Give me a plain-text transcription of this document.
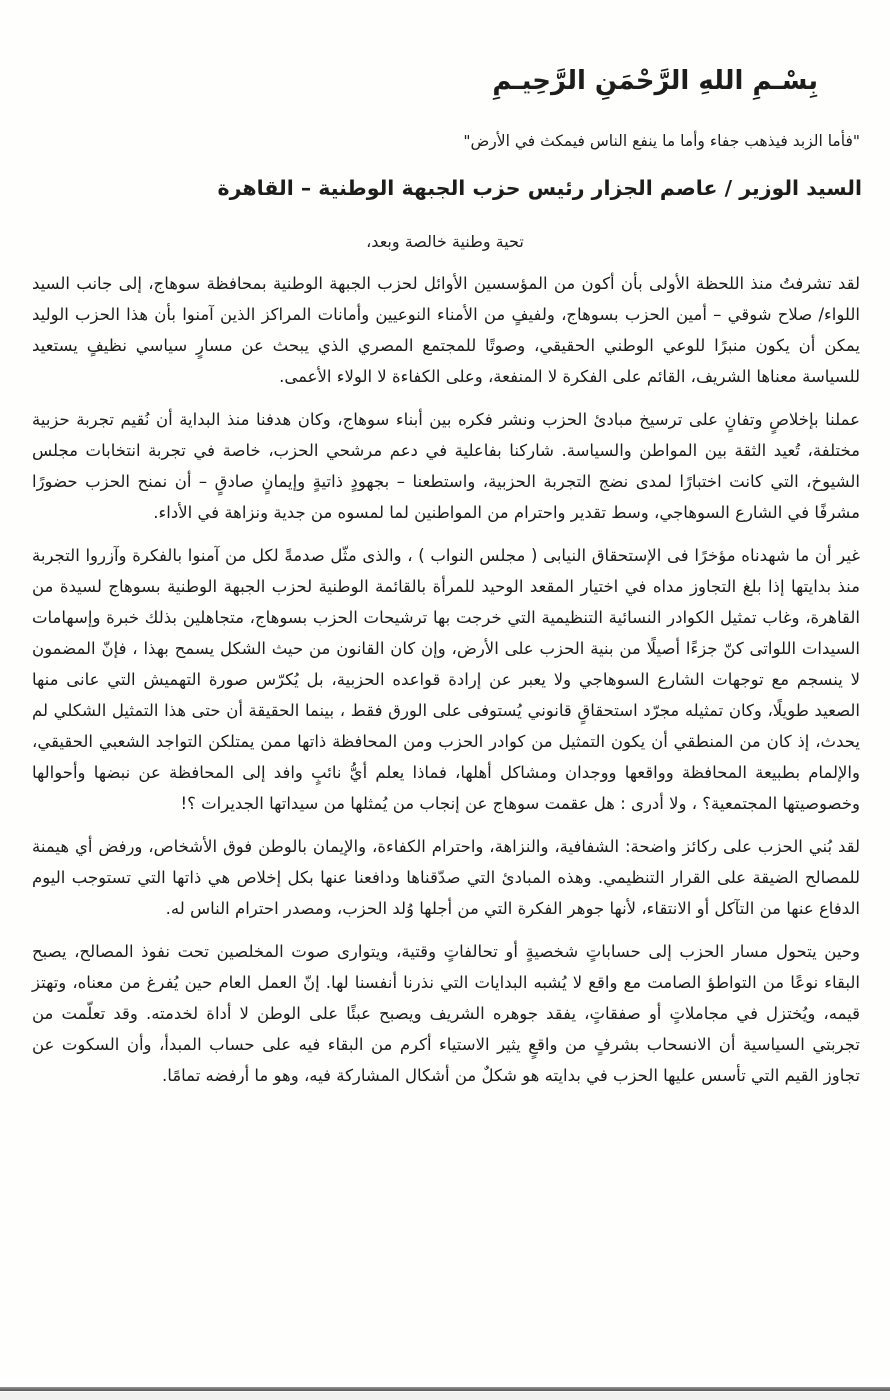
بِسْـمِ اللهِ الرَّحْمَنِ الرَّحِيـمِ
"فأما الزبد فيذهب جفاء وأما ما ينفع الناس فيمكث في الأرض"
السيد الوزير / عاصم الجزار رئيس حزب الجبهة الوطنية – القاهرة
تحية وطنية خالصة وبعد،

لقد تشرفتُ منذ اللحظة الأولى بأن أكون من المؤسسين الأوائل لحزب الجبهة الوطنية بمحافظة سوهاج، إلى جانب السيد اللواء/ صلاح شوقي – أمين الحزب بسوهاج، ولفيفٍ من الأمناء النوعيين وأمانات المراكز الذين آمنوا بأن هذا الحزب الوليد يمكن أن يكون منبرًا للوعي الوطني الحقيقي، وصوتًا للمجتمع المصري الذي يبحث عن مسارٍ سياسي نظيفٍ يستعيد للسياسة معناها الشريف، القائم على الفكرة لا المنفعة، وعلى الكفاءة لا الولاء الأعمى.

عملنا بإخلاصٍ وتفانٍ على ترسيخ مبادئ الحزب ونشر فكره بين أبناء سوهاج، وكان هدفنا منذ البداية أن نُقيم تجربة حزبية مختلفة، تُعيد الثقة بين المواطن والسياسة. شاركنا بفاعلية في دعم مرشحي الحزب، خاصة في تجربة انتخابات مجلس الشيوخ، التي كانت اختبارًا لمدى نضج التجربة الحزبية، واستطعنا – بجهودٍ ذاتيةٍ وإيمانٍ صادقٍ – أن نمنح الحزب حضورًا مشرفًا في الشارع السوهاجي، وسط تقدير واحترام من المواطنين لما لمسوه من جدية ونزاهة في الأداء.

غير أن ما شهدناه مؤخرًا فى الإستحقاق النيابى ( مجلس النواب ) ، والذى مثّل صدمةً لكل من آمنوا بالفكرة وآزروا التجربة منذ بدايتها إذا بلغ التجاوز مداه في اختيار المقعد الوحيد للمرأة بالقائمة الوطنية لحزب الجبهة الوطنية بسوهاج لسيدة من القاهرة، وغاب تمثيل الكوادر النسائية التنظيمية التي خرجت بها ترشيحات الحزب بسوهاج، متجاهلين بذلك خبرة وإسهامات السيدات اللواتى كنّ جزءًا أصيلًا من بنية الحزب على الأرض، وإن كان القانون من حيث الشكل يسمح بهذا ، فإنّ المضمون لا ينسجم مع توجهات الشارع السوهاجي ولا يعبر عن إرادة قواعده الحزبية، بل يُكرّس صورة التهميش التي عانى منها الصعيد طويلًا، وكان تمثيله مجرّد استحقاقٍ قانوني يُستوفى على الورق فقط ، بينما الحقيقة أن حتى هذا التمثيل الشكلي لم يحدث، إذ كان من المنطقي أن يكون التمثيل من كوادر الحزب ومن المحافظة ذاتها ممن يمتلكن التواجد الشعبي الحقيقي، والإلمام بطبيعة المحافظة وواقعها ووجدان ومشاكل أهلها، فماذا يعلم أيُّ نائبٍ وافد إلى المحافظة عن نبضها وأحوالها وخصوصيتها المجتمعية؟ ، ولا أدرى : هل عقمت سوهاج عن إنجاب من يُمثلها من سيداتها الجديرات ؟!

لقد بُني الحزب على ركائز واضحة: الشفافية، والنزاهة، واحترام الكفاءة، والإيمان بالوطن فوق الأشخاص، ورفض أي هيمنة للمصالح الضيقة على القرار التنظيمي. وهذه المبادئ التي صدّقناها ودافعنا عنها بكل إخلاص هي ذاتها التي تستوجب اليوم الدفاع عنها من التآكل أو الانتقاء، لأنها جوهر الفكرة التي من أجلها وُلد الحزب، ومصدر احترام الناس له.

وحين يتحول مسار الحزب إلى حساباتٍ شخصيةٍ أو تحالفاتٍ وقتية، ويتوارى صوت المخلصين تحت نفوذ المصالح، يصبح البقاء نوعًا من التواطؤ الصامت مع واقع لا يُشبه البدايات التي نذرنا أنفسنا لها. إنّ العمل العام حين يُفرغ من معناه، وتهتز قيمه، ويُختزل في مجاملاتٍ أو صفقاتٍ، يفقد جوهره الشريف ويصبح عبئًا على الوطن لا أداة لخدمته. وقد تعلّمت من تجربتي السياسية أن الانسحاب بشرفٍ من واقعٍ يثير الاستياء أكرم من البقاء فيه على حساب المبدأ، وأن السكوت عن تجاوز القيم التي تأسس عليها الحزب في بدايته هو شكلٌ من أشكال المشاركة فيه، وهو ما أرفضه تمامًا.
